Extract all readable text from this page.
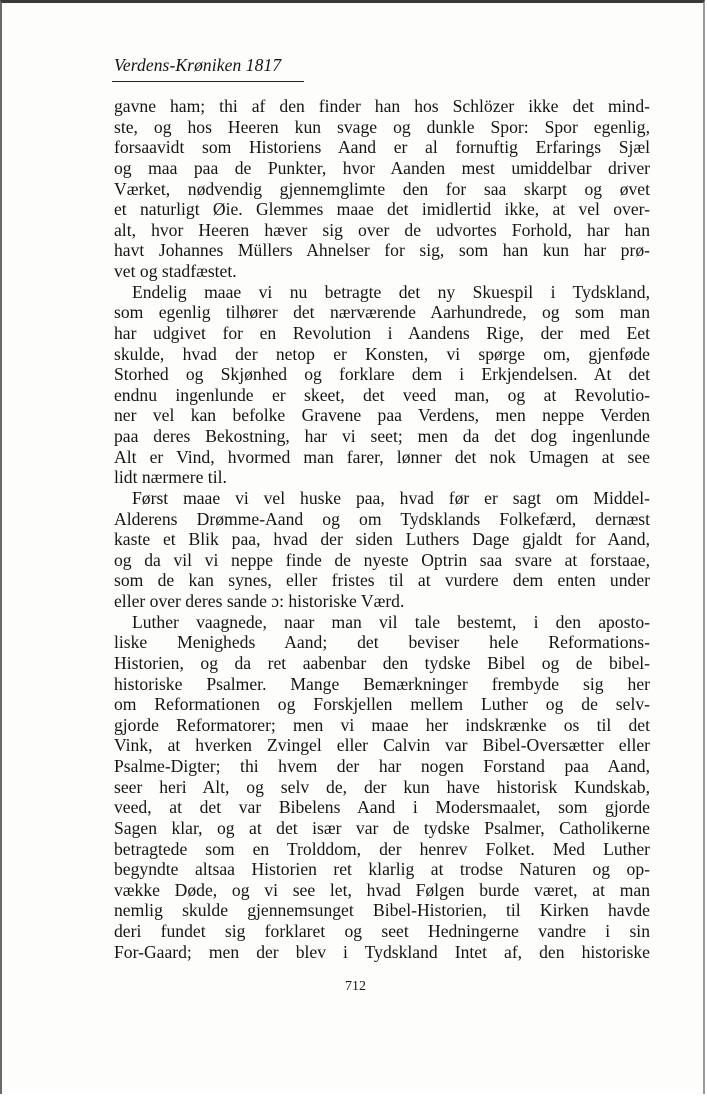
Verdens-Krøniken 1817
gavne ham; thi af den finder han hos Schlözer ikke det mind-
ste, og hos Heeren kun svage og dunkle Spor: Spor egenlig,
forsaavidt som Historiens Aand er al fornuftig Erfarings Sjæl
og maa paa de Punkter, hvor Aanden mest umiddelbar driver
Værket, nødvendig gjennemglimte den for saa skarpt og øvet
et naturligt Øie. Glemmes maae det imidlertid ikke, at vel over-
alt, hvor Heeren hæver sig over de udvortes Forhold, har han
havt Johannes Müllers Ahnelser for sig, som han kun har prø-
vet og stadfæstet.
Endelig maae vi nu betragte det ny Skuespil i Tydskland,
som egenlig tilhører det nærværende Aarhundrede, og som man
har udgivet for en Revolution i Aandens Rige, der med Eet
skulde, hvad der netop er Konsten, vi spørge om, gjenføde
Storhed og Skjønhed og forklare dem i Erkjendelsen. At det
endnu ingenlunde er skeet, det veed man, og at Revolutio-
ner vel kan befolke Gravene paa Verdens, men neppe Verden
paa deres Bekostning, har vi seet; men da det dog ingenlunde
Alt er Vind, hvormed man farer, lønner det nok Umagen at see
lidt nærmere til.
Først maae vi vel huske paa, hvad før er sagt om Middel-
Alderens Drømme-Aand og om Tydsklands Folkefærd, dernæst
kaste et Blik paa, hvad der siden Luthers Dage gjaldt for Aand,
og da vil vi neppe finde de nyeste Optrin saa svare at forstaae,
som de kan synes, eller fristes til at vurdere dem enten under
eller over deres sande ɔ: historiske Værd.
Luther vaagnede, naar man vil tale bestemt, i den aposto-
liske Menigheds Aand; det beviser hele Reformations-
Historien, og da ret aabenbar den tydske Bibel og de bibel-
historiske Psalmer. Mange Bemærkninger frembyde sig her
om Reformationen og Forskjellen mellem Luther og de selv-
gjorde Reformatorer; men vi maae her indskrænke os til det
Vink, at hverken Zvingel eller Calvin var Bibel-Oversætter eller
Psalme-Digter; thi hvem der har nogen Forstand paa Aand,
seer heri Alt, og selv de, der kun have historisk Kundskab,
veed, at det var Bibelens Aand i Modersmaalet, som gjorde
Sagen klar, og at det især var de tydske Psalmer, Catholikerne
betragtede som en Trolddom, der henrev Folket. Med Luther
begyndte altsaa Historien ret klarlig at trodse Naturen og op-
vække Døde, og vi see let, hvad Følgen burde været, at man
nemlig skulde gjennemsunget Bibel-Historien, til Kirken havde
deri fundet sig forklaret og seet Hedningerne vandre i sin
For-Gaard; men der blev i Tydskland Intet af, den historiske
712
